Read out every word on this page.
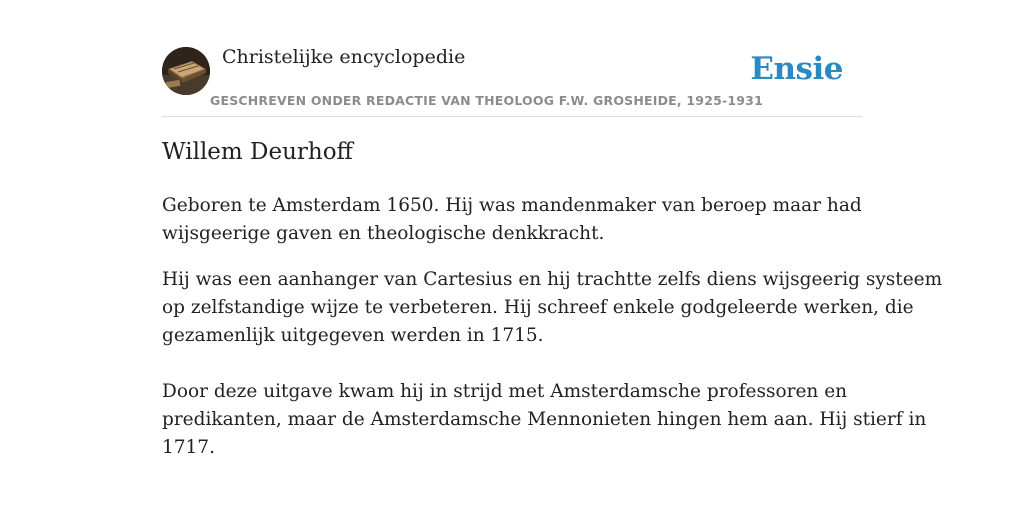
Christelijke encyclopedie
GESCHREVEN ONDER REDACTIE VAN THEOLOOG F.W. GROSHEIDE, 1925-1931
Ensie
Willem Deurhoff

Geboren te Amsterdam 1650. Hij was mandenmaker van beroep maar had

wijsgeerige gaven en theologische denkkracht.

Hij was een aanhanger van Cartesius en hij trachtte zelfs diens wijsgeerig systeem

op zelfstandige wijze te verbeteren. Hij schreef enkele godgeleerde werken, die

gezamenlijk uitgegeven werden in 1715.

Door deze uitgave kwam hij in strijd met Amsterdamsche professoren en

predikanten, maar de Amsterdamsche Mennonieten hingen hem aan. Hij stierf in

1717.
